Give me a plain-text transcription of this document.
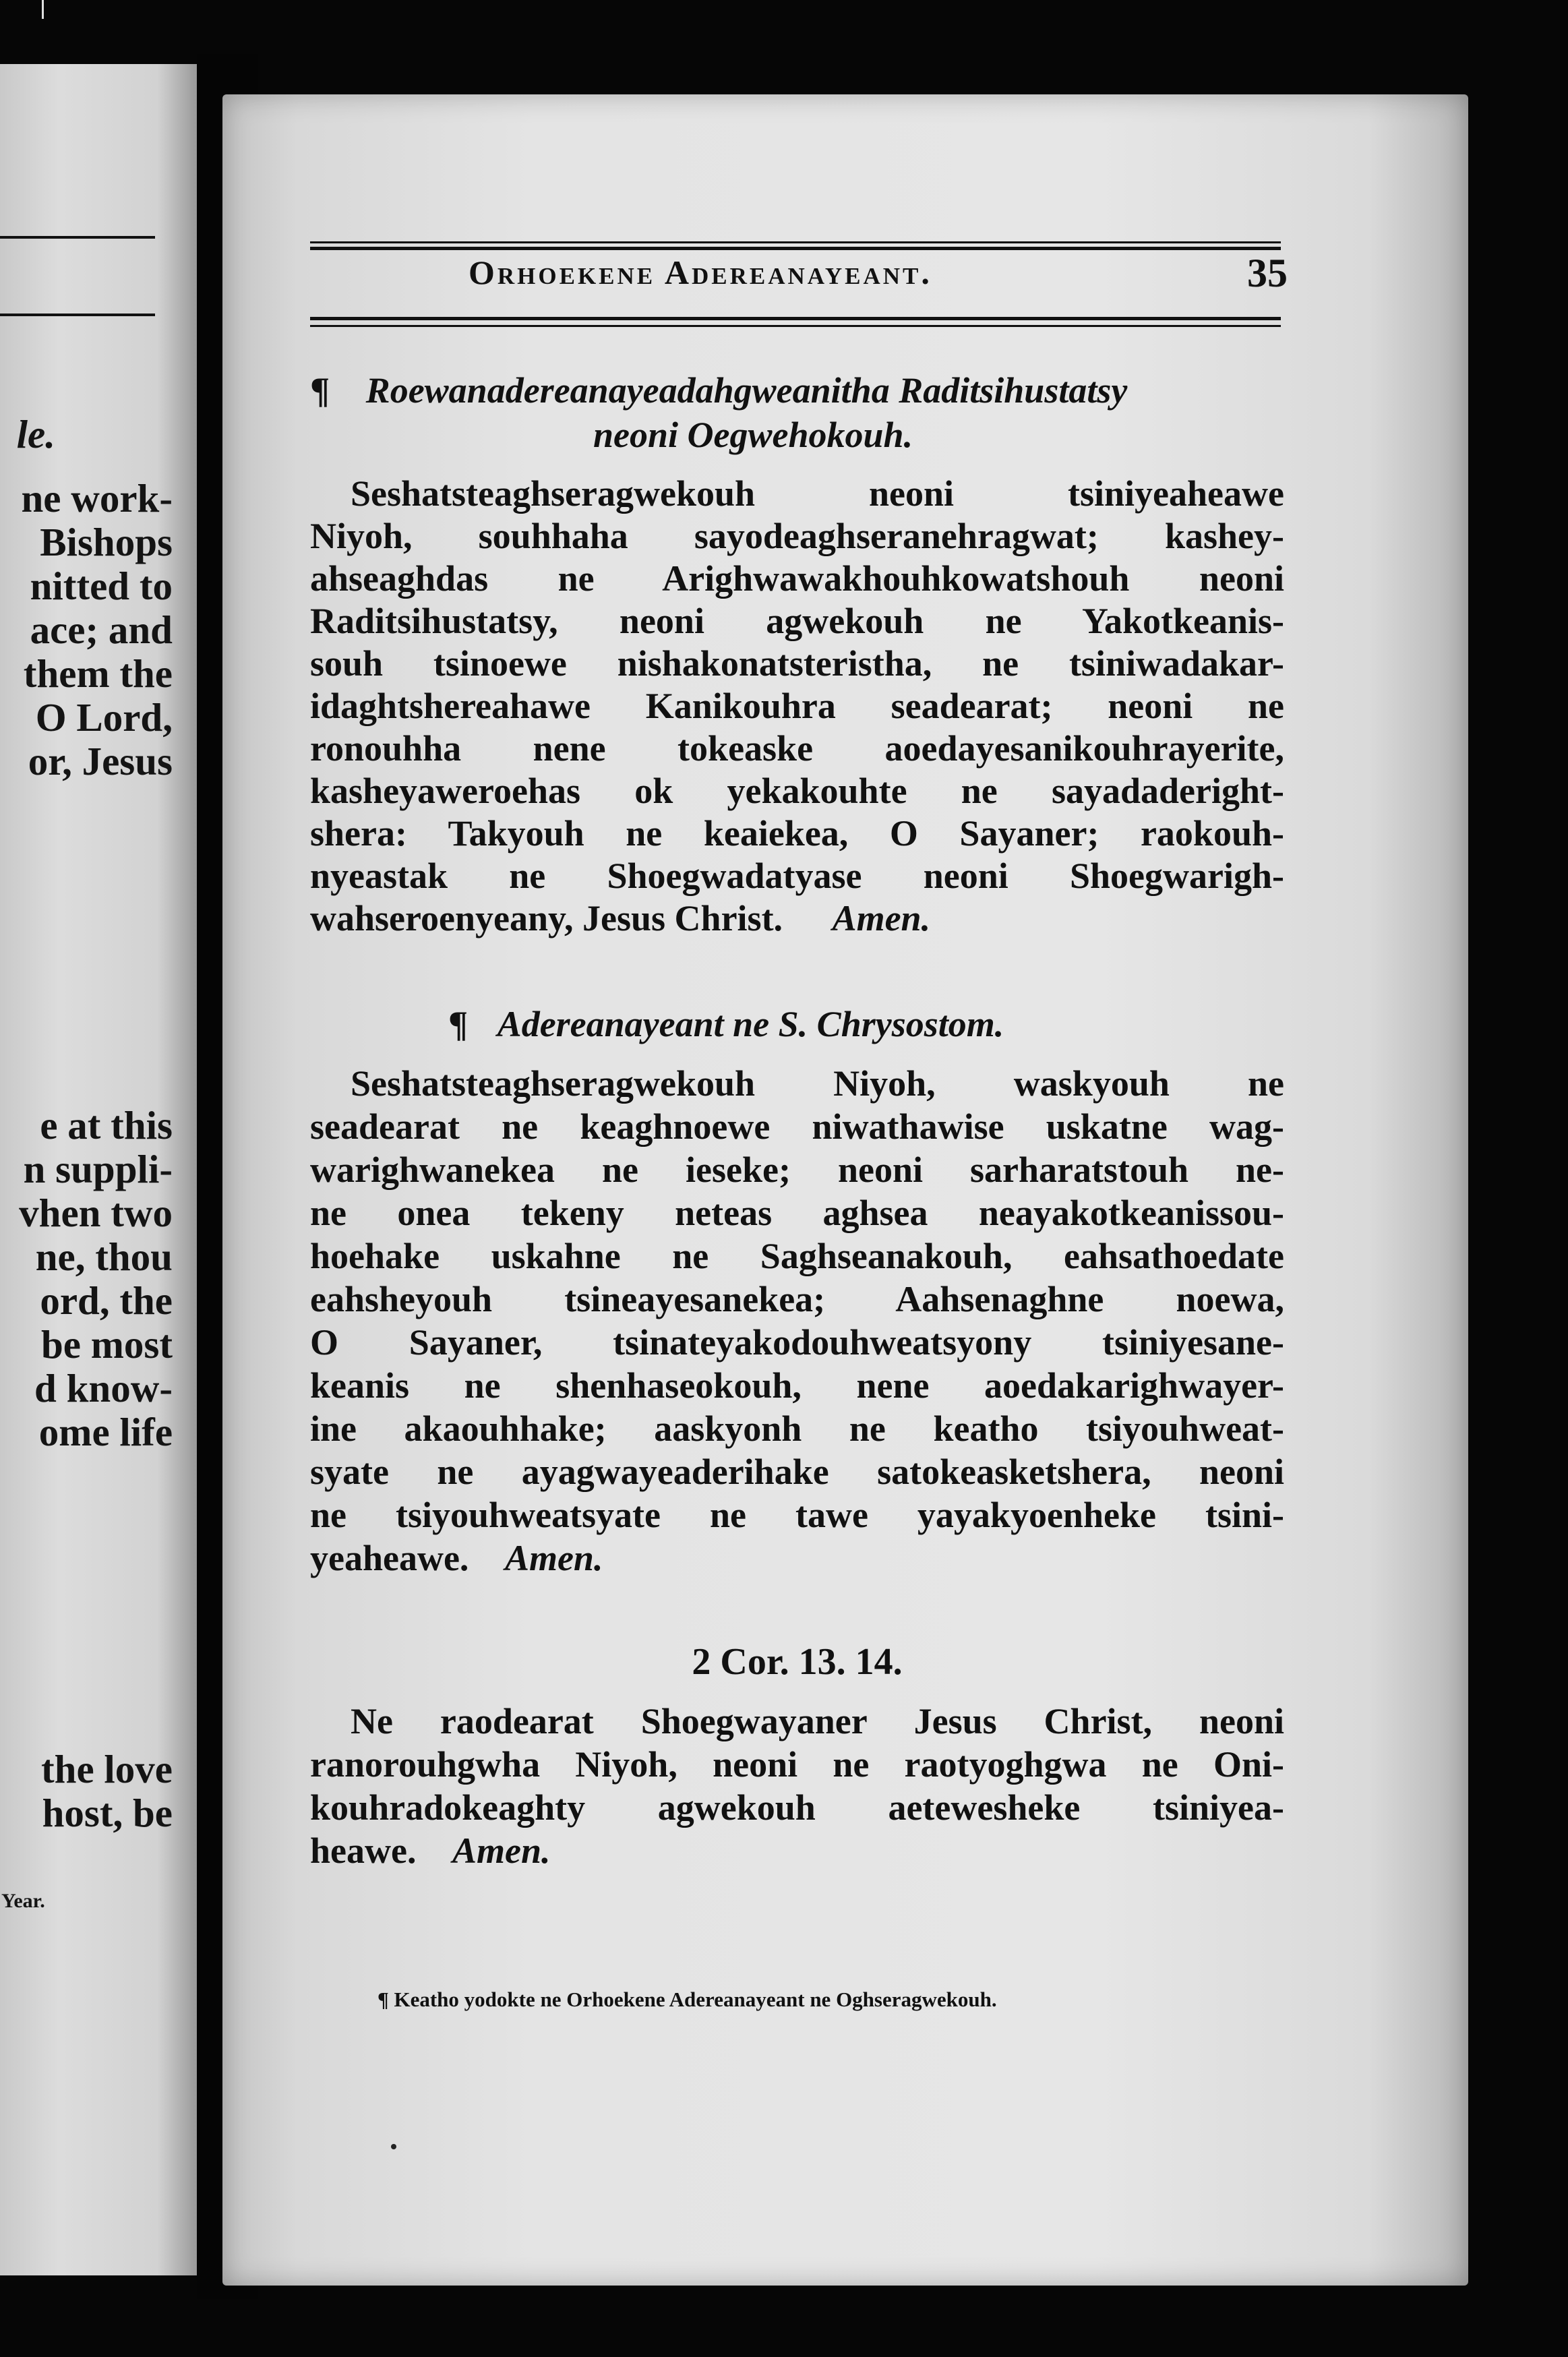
le.
ne work-
Bishops
nitted to
ace; and
them the
O Lord,
or, Jesus
e at this
n suppli-
vhen two
ne, thou
ord, the
be most
d know-
ome life
the love
host, be
Year.
Orhoekene Adereanayeant.	35
¶ Roewanadereanayeadahgweanitha Raditsihustatsy
neoni Oegwehokouh.
Seshatsteaghseragwekouh neoni tsiniyeaheawe
Niyoh, souhhaha sayodeaghseranehragwat; kashey-
ahseaghdas ne Arighwawakhouhkowatshouh neoni
Raditsihustatsy, neoni agwekouh ne Yakotkeanis-
souh tsinoewe nishakonatsteristha, ne tsiniwadakar-
idaghtshereahawe Kanikouhra seadearat; neoni ne
ronouhha nene tokeaske aoedayesanikouhrayerite,
kasheyaweroehas ok yekakouhte ne sayadaderight-
shera: Takyouh ne keaiekea, O Sayaner; raokouh-
nyeastak ne Shoegwadatyase neoni Shoegwarigh-
wahseroenyeany, Jesus Christ. Amen.
¶ Adereanayeant ne S. Chrysostom.
Seshatsteaghseragwekouh Niyoh, waskyouh ne
seadearat ne keaghnoewe niwathawise uskatne wag-
warighwanekea ne ieseke; neoni sarharatstouh ne-
ne onea tekeny neteas aghsea neayakotkeanissou-
hoehake uskahne ne Saghseanakouh, eahsathoedate
eahsheyouh tsineayesanekea; Aahsenaghne noewa,
O Sayaner, tsinateyakodouhweatsyony tsiniyesane-
keanis ne shenhaseokouh, nene aoedakarighwayer-
ine akaouhhake; aaskyonh ne keatho tsiyouhweat-
syate ne ayagwayeaderihake satokeasketshera, neoni
ne tsiyouhweatsyate ne tawe yayakyoenheke tsini-
yeaheawe. Amen.
2 Cor. 13. 14.
Ne raodearat Shoegwayaner Jesus Christ, neoni
ranorouhgwha Niyoh, neoni ne raotyoghgwa ne Oni-
kouhradokeaghty agwekouh aeteweshekе tsiniyea-
heawe. Amen.
¶ Keatho yodokte ne Orhoekene Adereanayeant ne Oghseragwekouh.
